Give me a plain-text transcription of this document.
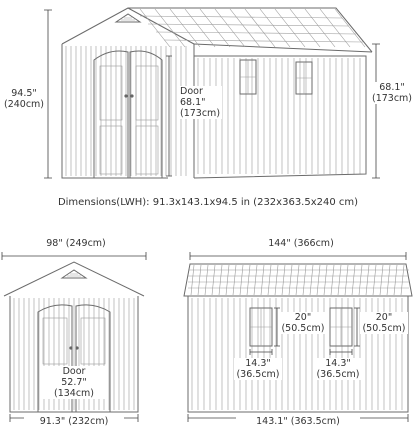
94.5"
(240cm)
Door
68.1"
(173cm)
68.1"
(173cm)
Dimensions(LWH): 91.3x143.1x94.5 in (232x363.5x240 cm)
98" (249cm)
Door
52.7"
(134cm)
91.3" (232cm)
144" (366cm)
20"
(50.5cm)
20"
(50.5cm)
14.3"
(36.5cm)
14.3"
(36.5cm)
143.1" (363.5cm)
